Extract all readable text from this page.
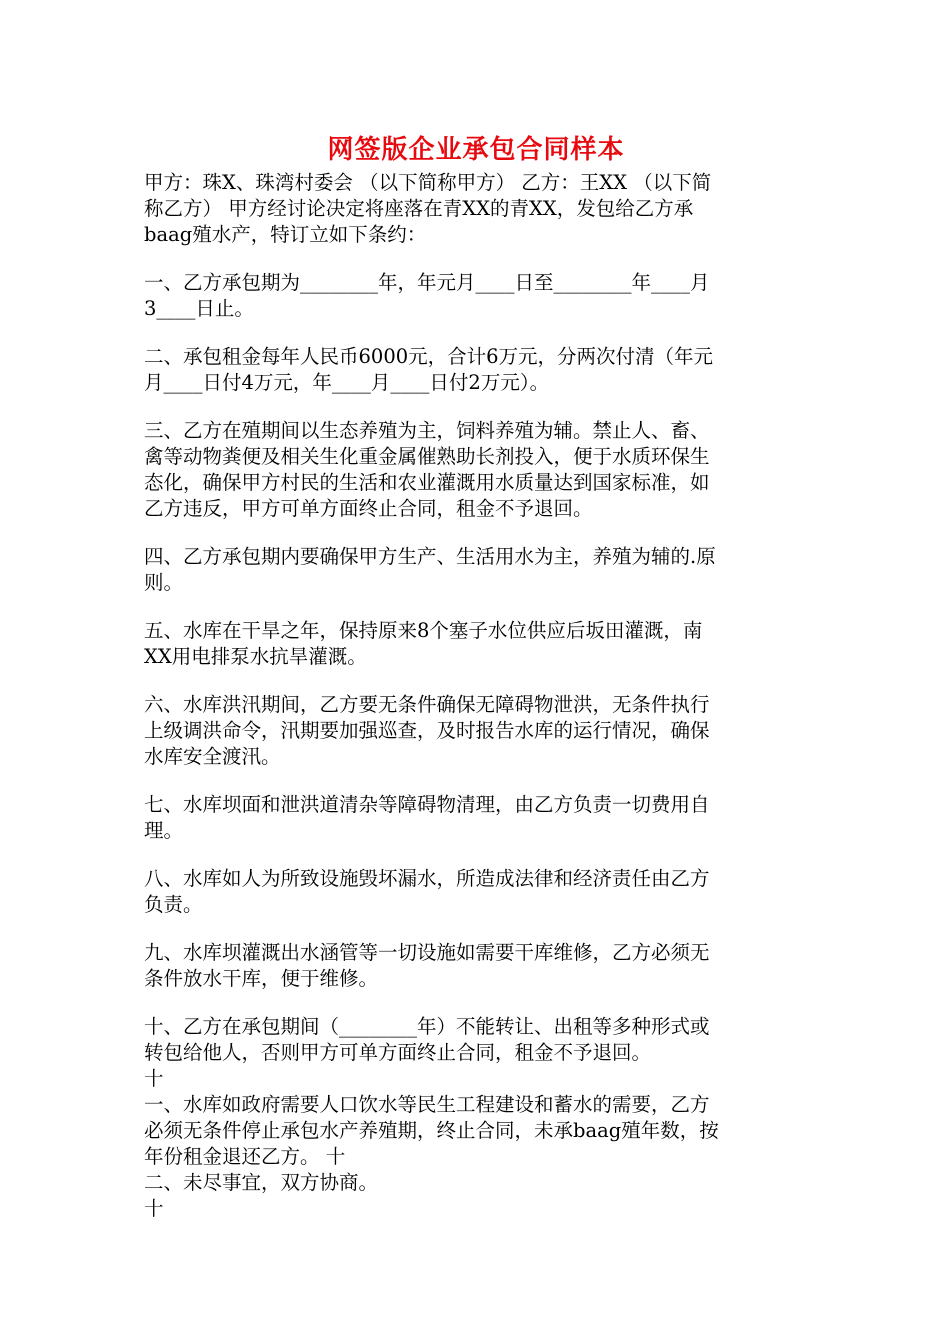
网签版企业承包合同样本
甲方：珠X、珠湾村委会 （以下简称甲方） 乙方：王XX （以下简
称乙方） 甲方经讨论决定将座落在青XX的青XX，发包给乙方承
baag殖水产，特订立如下条约：
一、乙方承包期为________年，年元月____日至________年____月
3____日止。
二、承包租金每年人民币6000元，合计6万元，分两次付清（年元
月____日付4万元，年____月____日付2万元）。
三、乙方在殖期间以生态养殖为主，饲料养殖为辅。禁止人、畜、
禽等动物粪便及相关生化重金属催熟助长剂投入，便于水质环保生
态化，确保甲方村民的生活和农业灌溉用水质量达到国家标准，如
乙方违反，甲方可单方面终止合同，租金不予退回。
四、乙方承包期内要确保甲方生产、生活用水为主，养殖为辅的.原
则。
五、水库在干旱之年，保持原来8个塞子水位供应后坂田灌溉，南
XX用电排泵水抗旱灌溉。
六、水库洪汛期间，乙方要无条件确保无障碍物泄洪，无条件执行
上级调洪命令，汛期要加强巡查，及时报告水库的运行情况，确保
水库安全渡汛。
七、水库坝面和泄洪道清杂等障碍物清理，由乙方负责一切费用自
理。
八、水库如人为所致设施毁坏漏水，所造成法律和经济责任由乙方
负责。
九、水库坝灌溉出水涵管等一切设施如需要干库维修，乙方必须无
条件放水干库，便于维修。
十、乙方在承包期间（________年）不能转让、出租等多种形式或
转包给他人，否则甲方可单方面终止合同，租金不予退回。
十
一、水库如政府需要人口饮水等民生工程建设和蓄水的需要，乙方
必须无条件停止承包水产养殖期，终止合同，未承baag殖年数，按
年份租金退还乙方。 十
二、未尽事宜，双方协商。
十
